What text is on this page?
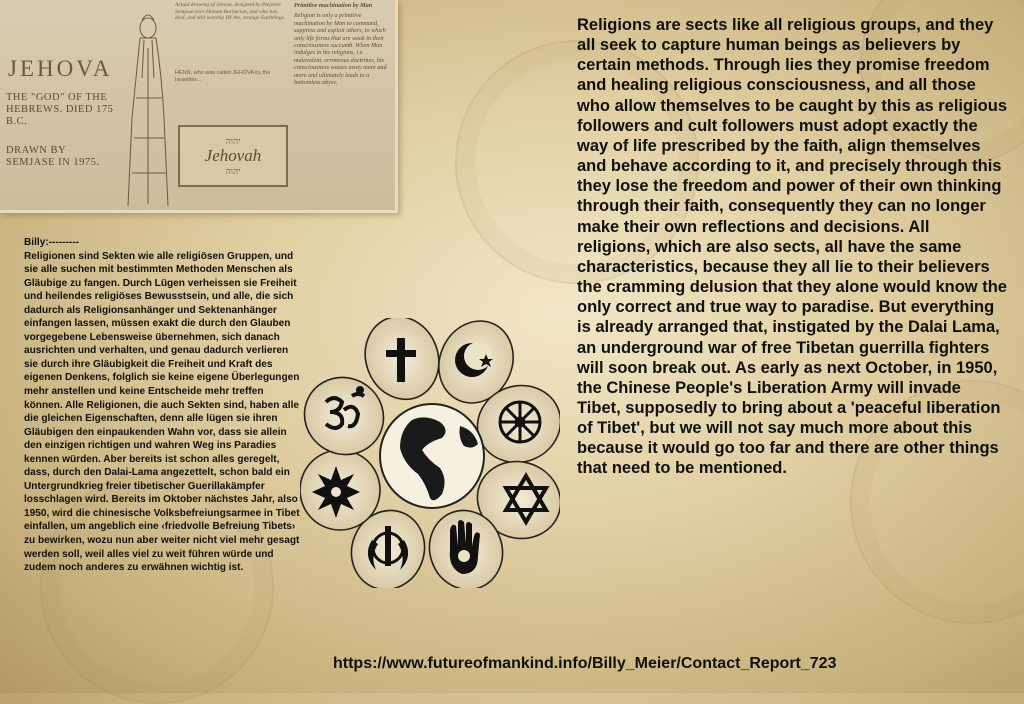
JEHOVA
THE "GOD" OF THE HEBREWS. DIED 175 B.C.
DRAWN BY SEMJASE IN 1975.
Actual drawing of Jehova, designed by Plejaren Semjase once Human Barbarian, and who has died, and still worship BY the, strange Earthlings
HENN, who was called JEHOVA by the Israelites...
Primitive machination by Man
Religion is only a primitive machination by Man to command, suppress and exploit others, to which only life forms that are weak in their consciousness succumb. When Man indulges in his religions, i.e. malevolent, erroneous doctrines, his consciousness wastes away more and more and ultimately leads to a bottomless abyss.
יהוה
Jehovah
יהוה
Billy:---------
Religionen sind Sekten wie alle religiösen Gruppen, und sie alle suchen mit bestimmten Methoden Menschen als Gläubige zu fangen. Durch Lügen verheissen sie Freiheit und heilendes religiöses Bewusstsein, und alle, die sich dadurch als Religionsanhänger und Sektenanhänger einfangen lassen, müssen exakt die durch den Glauben vorgegebene Lebensweise übernehmen, sich danach ausrichten und verhalten, und genau dadurch verlieren sie durch ihre Gläubigkeit die Freiheit und Kraft des eigenen Denkens, folglich sie keine eigene Überlegungen mehr anstellen und keine Entscheide mehr treffen können. Alle Religionen, die auch Sekten sind, haben alle die gleichen Eigenschaften, denn alle lügen sie ihren Gläubigen den einpaukenden Wahn vor, dass sie allein den einzigen richtigen und wahren Weg ins Paradies kennen würden. Aber bereits ist schon alles geregelt, dass, durch den Dalai-Lama angezettelt, schon bald ein Untergrundkrieg freier tibetischer Guerillakämpfer losschlagen wird. Bereits im Oktober nächstes Jahr, also 1950, wird die chinesische Volksbefreiungsarmee in Tibet einfallen, um angeblich eine ‹friedvolle Befreiung Tibets› zu bewirken, wozu nun aber weiter nicht viel mehr gesagt werden soll, weil alles viel zu weit führen würde und zudem noch anderes zu erwähnen wichtig ist.
Religions are sects like all religious groups, and they all seek to capture human beings as believers by certain methods. Through lies they promise freedom and healing religious consciousness, and all those who allow themselves to be caught by this as religious followers and cult followers must adopt exactly the way of life prescribed by the faith, align themselves and behave according to it, and precisely through this they lose the freedom and power of their own thinking through their faith, consequently they can no longer make their own reflections and decisions. All religions, which are also sects, all have the same characteristics, because they all lie to their believers the cramming delusion that they alone would know the only correct and true way to paradise. But everything is already arranged that, instigated by the Dalai Lama, an underground war of free Tibetan guerrilla fighters will soon break out. As early as next October, in 1950, the Chinese People's Liberation Army will invade Tibet, supposedly to bring about a 'peaceful liberation of Tibet', but we will not say much more about this because it would go too far and there are other things that need to be mentioned.
https://www.futureofmankind.info/Billy_Meier/Contact_Report_723
